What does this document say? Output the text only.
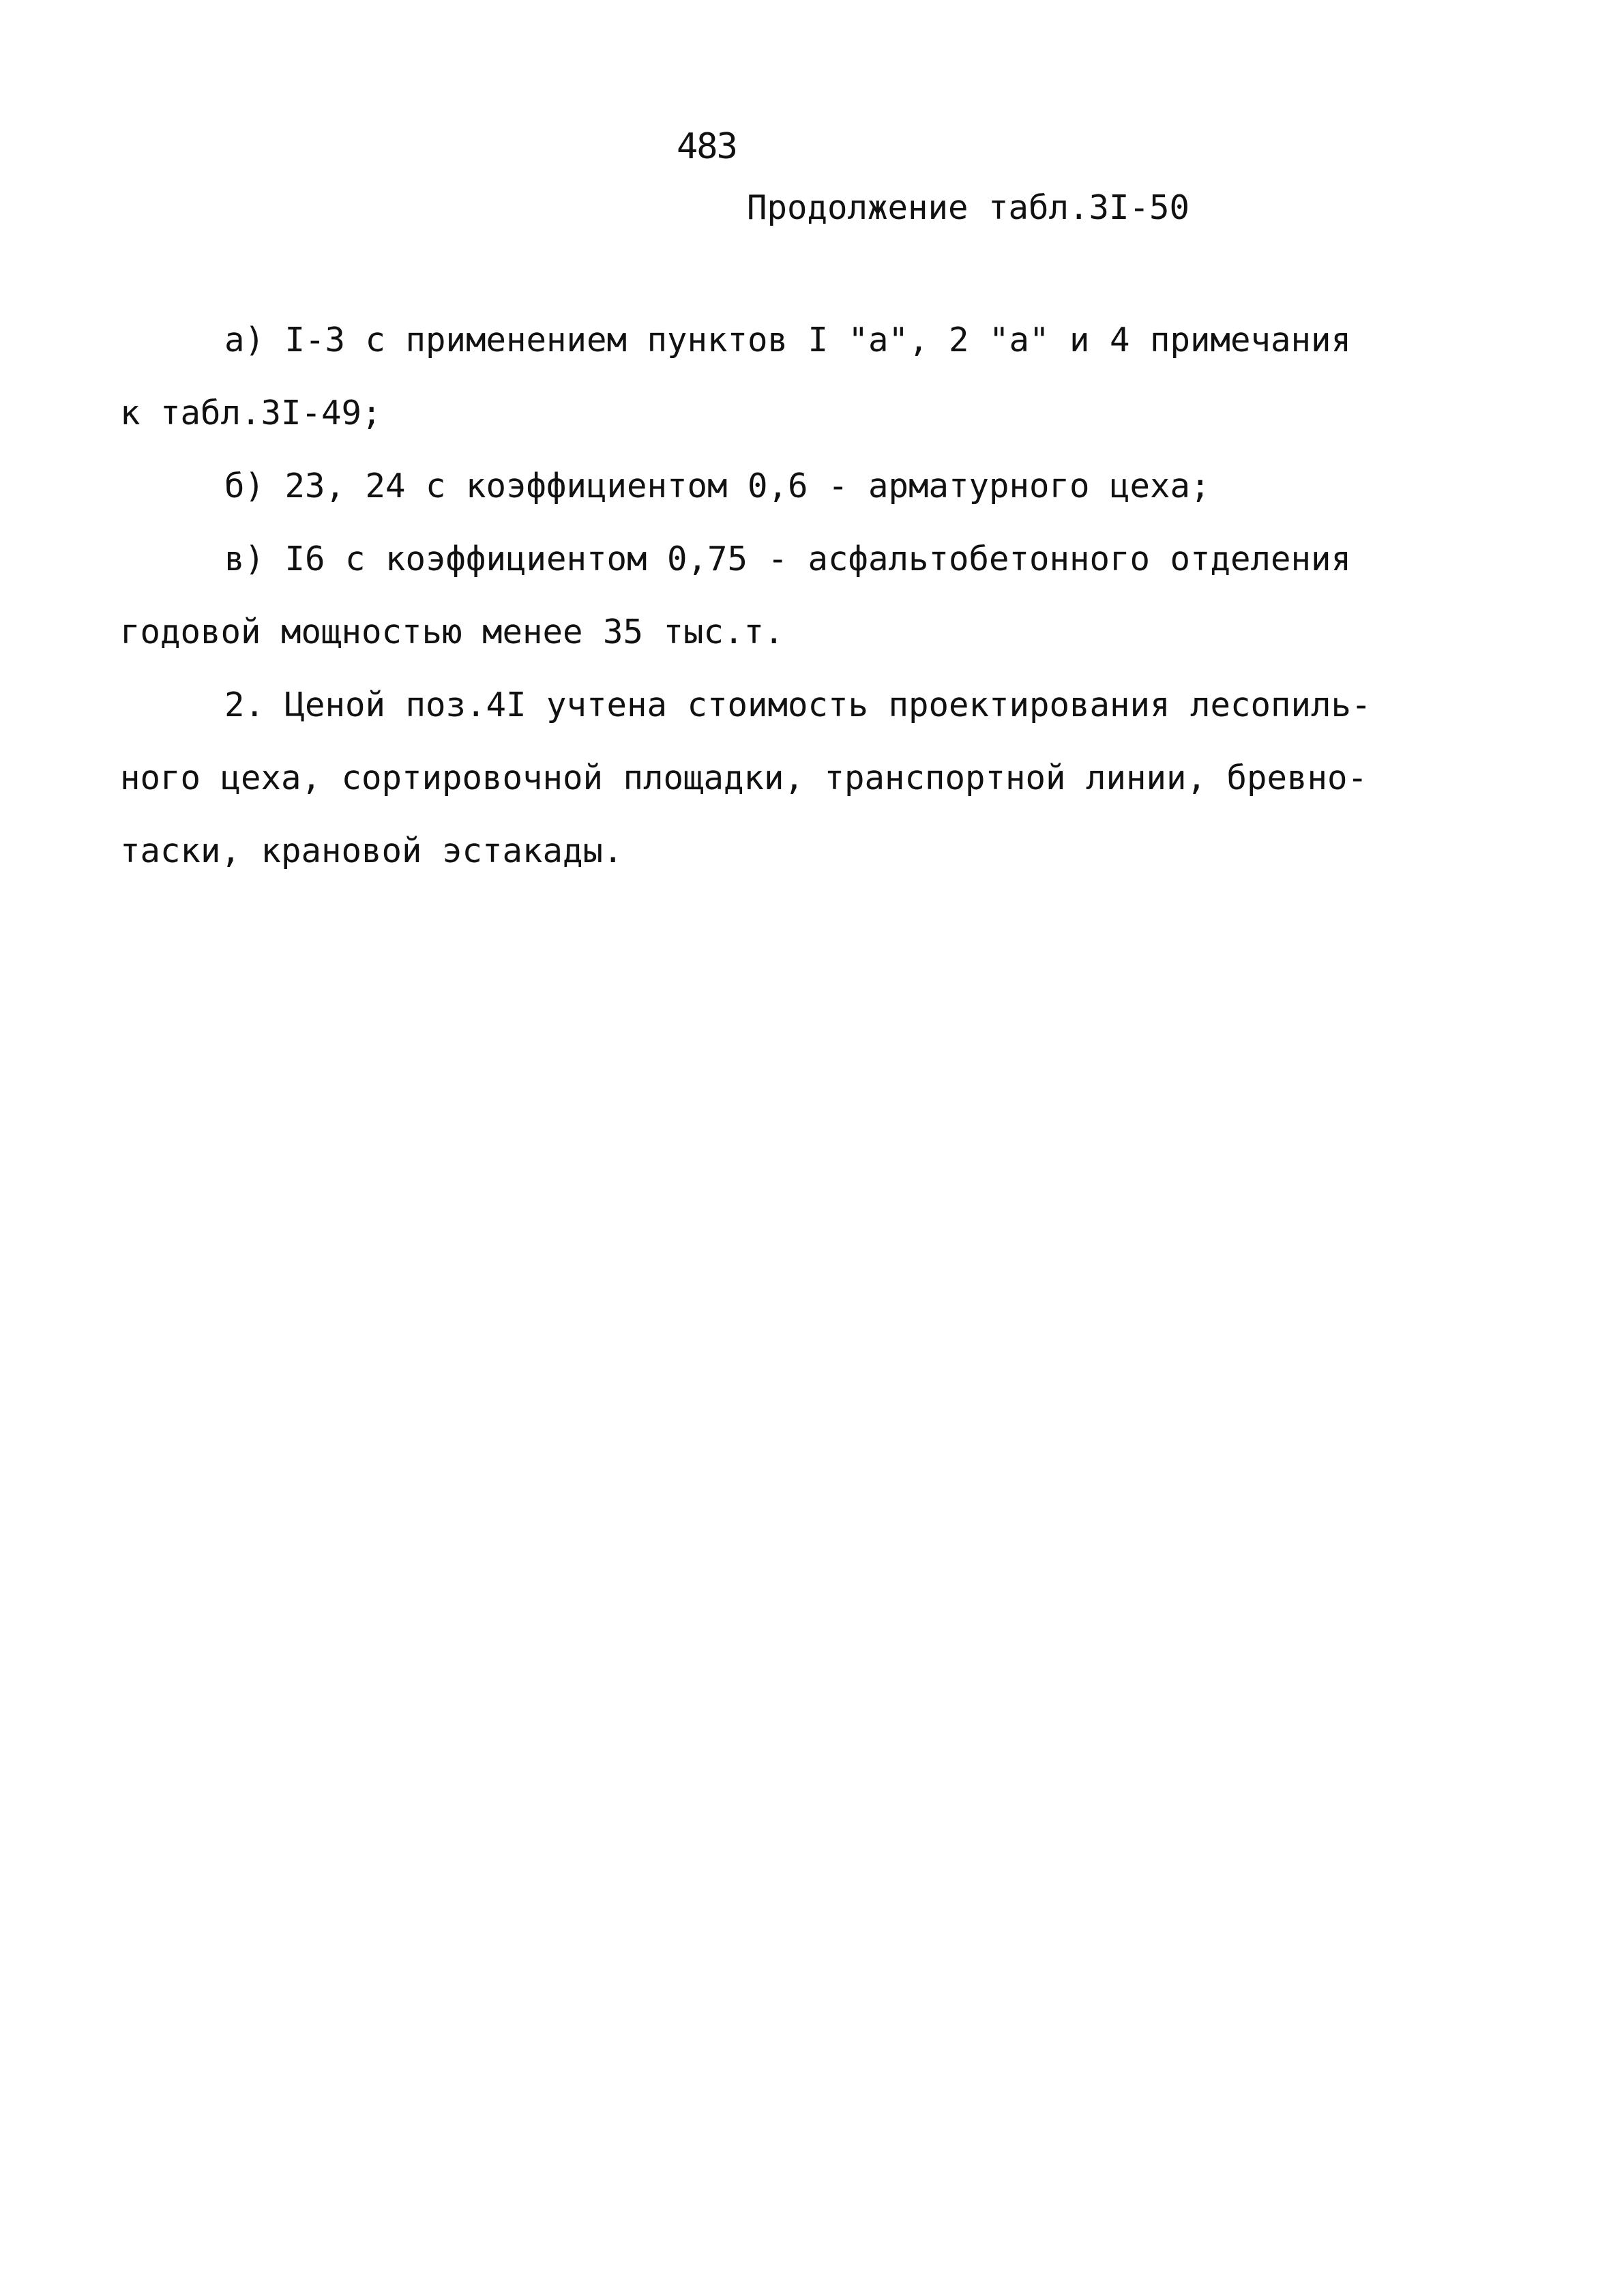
483
Продолжение табл.3I-50
а) I-3 с применением пунктов I "а", 2 "а" и 4 примечания
к табл.3I-49;
б) 23, 24 с коэффициентом 0,6 - арматурного цеха;
в) I6 с коэффициентом 0,75 - асфальтобетонного отделения
годовой мощностью менее 35 тыс.т.
2. Ценой поз.4I учтена стоимость проектирования лесопиль-
ного цеха, сортировочной площадки, транспортной линии, бревно-
таски, крановой эстакады.
